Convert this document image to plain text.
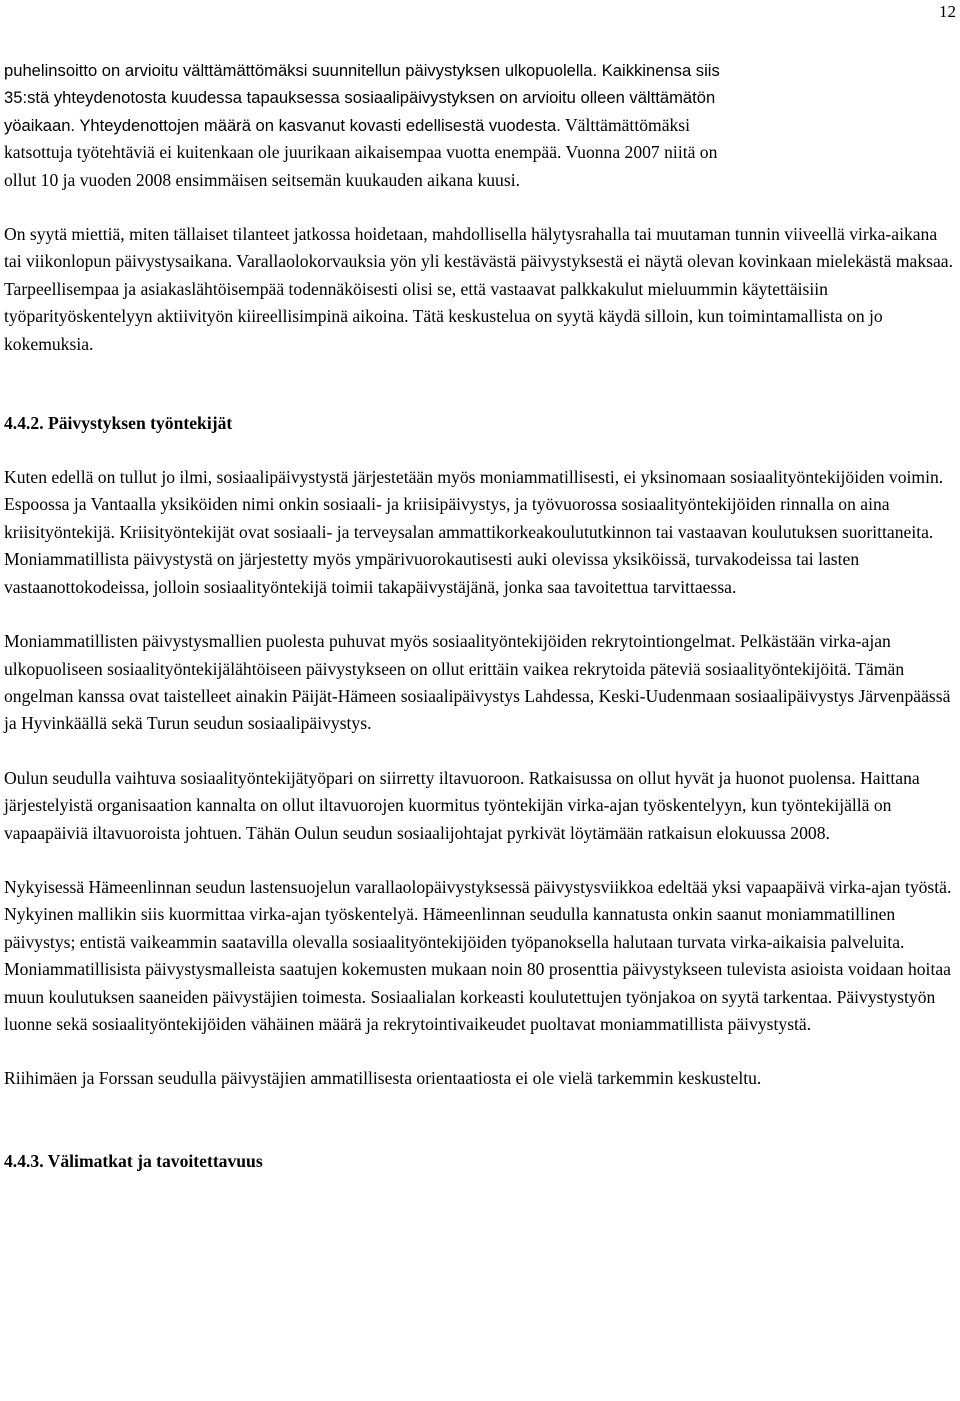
12

puhelinsoitto on arvioitu välttämättömäksi suunnitellun päivystyksen ulkopuolella. Kaikkinensa siis
35:stä yhteydenotosta kuudessa tapauksessa sosiaalipäivystyksen on arvioitu olleen välttämätön
yöaikaan. Yhteydenottojen määrä on kasvanut kovasti edellisestä vuodesta. Välttämättömäksi
katsottuja työtehtäviä ei kuitenkaan ole juurikaan aikaisempaa vuotta enempää. Vuonna 2007 niitä on
ollut 10 ja vuoden 2008 ensimmäisen seitsemän kuukauden aikana kuusi.

On syytä miettiä, miten tällaiset tilanteet jatkossa hoidetaan, mahdollisella hälytysrahalla tai muutaman tunnin viiveellä virka-aikana tai viikonlopun päivystysaikana. Varallaolokorvauksia yön yli kestävästä päivystyksestä ei näytä olevan kovinkaan mielekästä maksaa. Tarpeellisempaa ja asiakaslähtöisempää todennäköisesti olisi se, että vastaavat palkkakulut mieluummin käytettäisiin työparityöskentelyyn aktiivityön kiireellisimpinä aikoina. Tätä keskustelua on syytä käydä silloin, kun toimintamallista on jo kokemuksia.

4.4.2. Päivystyksen työntekijät

Kuten edellä on tullut jo ilmi, sosiaalipäivystystä järjestetään myös moniammatillisesti, ei yksinomaan sosiaalityöntekijöiden voimin. Espoossa ja Vantaalla yksiköiden nimi onkin sosiaali- ja kriisipäivystys, ja työvuorossa sosiaalityöntekijöiden rinnalla on aina kriisityöntekijä. Kriisityöntekijät ovat sosiaali- ja terveysalan ammattikorkeakoulututkinnon tai vastaavan koulutuksen suorittaneita. Moniammatillista päivystystä on järjestetty myös ympärivuorokautisesti auki olevissa yksiköissä, turvakodeissa tai lasten vastaanottokodeissa, jolloin sosiaalityöntekijä toimii takapäivystäjänä, jonka saa tavoitettua tarvittaessa.

Moniammatillisten päivystysmallien puolesta puhuvat myös sosiaalityöntekijöiden rekrytointiongelmat. Pelkästään virka-ajan ulkopuoliseen sosiaalityöntekijälähtöiseen päivystykseen on ollut erittäin vaikea rekrytoida päteviä sosiaalityöntekijöitä. Tämän ongelman kanssa ovat taistelleet ainakin Päijät-Hämeen sosiaalipäivystys Lahdessa, Keski-Uudenmaan sosiaalipäivystys Järvenpäässä ja Hyvinkäällä sekä Turun seudun sosiaalipäivystys.

Oulun seudulla vaihtuva sosiaalityöntekijätyöpari on siirretty iltavuoroon. Ratkaisussa on ollut hyvät ja huonot puolensa. Haittana järjestelyistä organisaation kannalta on ollut iltavuorojen kuormitus työntekijän virka-ajan työskentelyyn, kun työntekijällä on vapaapäiviä iltavuoroista johtuen. Tähän Oulun seudun sosiaalijohtajat pyrkivät löytämään ratkaisun elokuussa 2008.

Nykyisessä Hämeenlinnan seudun lastensuojelun varallaolopäivystyksessä päivystysviikkoa edeltää yksi vapaapäivä virka-ajan työstä. Nykyinen mallikin siis kuormittaa virka-ajan työskentelyä. Hämeenlinnan seudulla kannatusta onkin saanut moniammatillinen päivystys; entistä vaikeammin saatavilla olevalla sosiaalityöntekijöiden työpanoksella halutaan turvata virka-aikaisia palveluita. Moniammatillisista päivystysmalleista saatujen kokemusten mukaan noin 80 prosenttia päivystykseen tulevista asioista voidaan hoitaa muun koulutuksen saaneiden päivystäjien toimesta. Sosiaalialan korkeasti koulutettujen työnjakoa on syytä tarkentaa. Päivystystyön luonne sekä sosiaalityöntekijöiden vähäinen määrä ja rekrytointivaikeudet puoltavat moniammatillista päivystystä.

Riihimäen ja Forssan seudulla päivystäjien ammatillisesta orientaatiosta ei ole vielä tarkemmin keskusteltu.

4.4.3. Välimatkat ja tavoitettavuus
